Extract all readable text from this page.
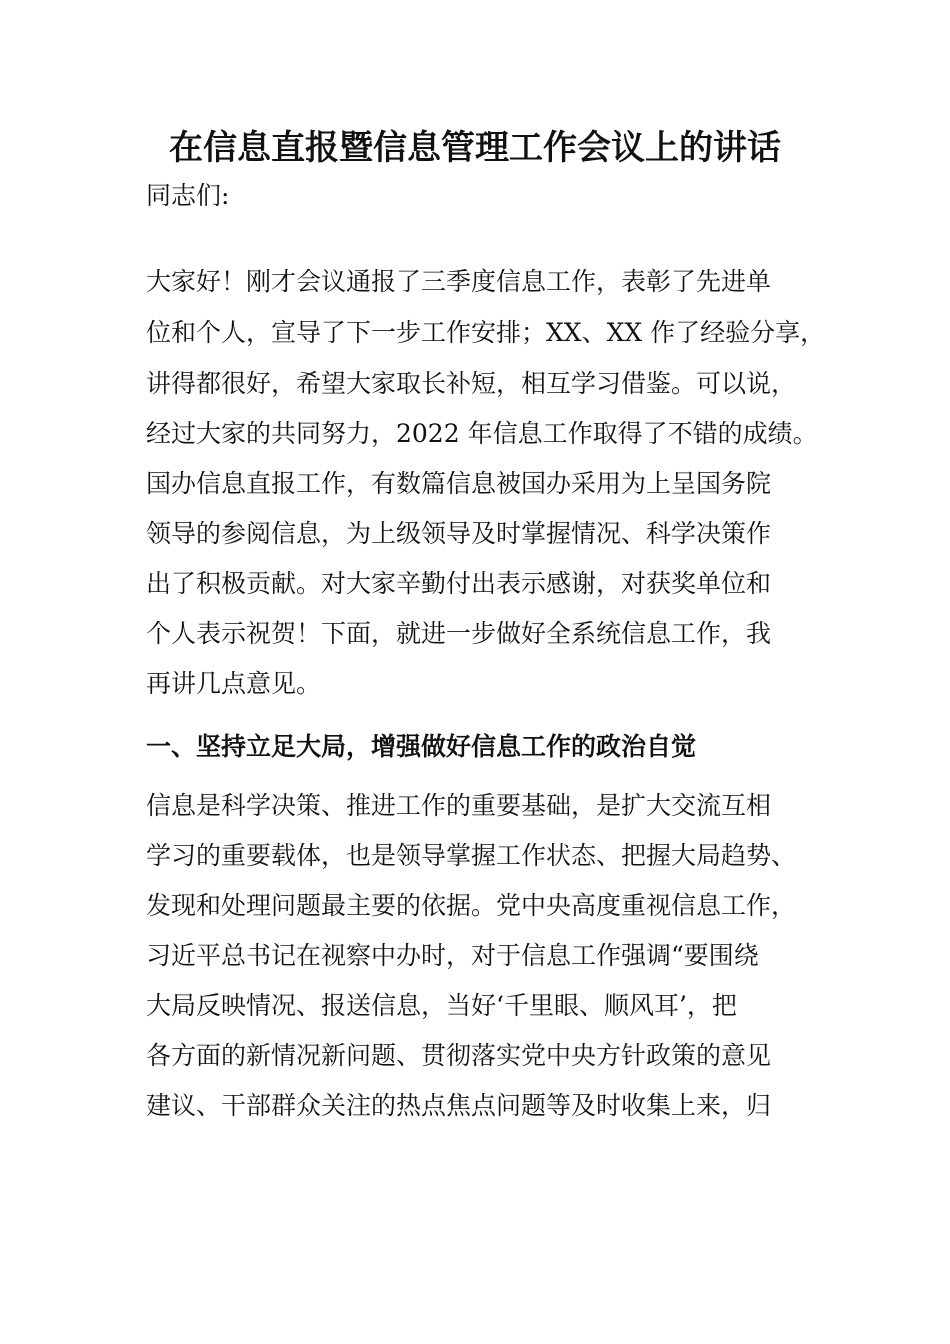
在信息直报暨信息管理工作会议上的讲话
同志们:
大家好！刚才会议通报了三季度信息工作，表彰了先进单
位和个人，宣导了下一步工作安排；XX、XX 作了经验分享，
讲得都很好，希望大家取长补短，相互学习借鉴。可以说，
经过大家的共同努力，2022 年信息工作取得了不错的成绩。
国办信息直报工作，有数篇信息被国办采用为上呈国务院
领导的参阅信息，为上级领导及时掌握情况、科学决策作
出了积极贡献。对大家辛勤付出表示感谢，对获奖单位和
个人表示祝贺！下面，就进一步做好全系统信息工作，我
再讲几点意见。
一、坚持立足大局，增强做好信息工作的政治自觉
信息是科学决策、推进工作的重要基础，是扩大交流互相
学习的重要载体，也是领导掌握工作状态、把握大局趋势、
发现和处理问题最主要的依据。党中央高度重视信息工作，
习近平总书记在视察中办时，对于信息工作强调“要围绕
大局反映情况、报送信息，当好‘千里眼、顺风耳’，把
各方面的新情况新问题、贯彻落实党中央方针政策的意见
建议、干部群众关注的热点焦点问题等及时收集上来，归
